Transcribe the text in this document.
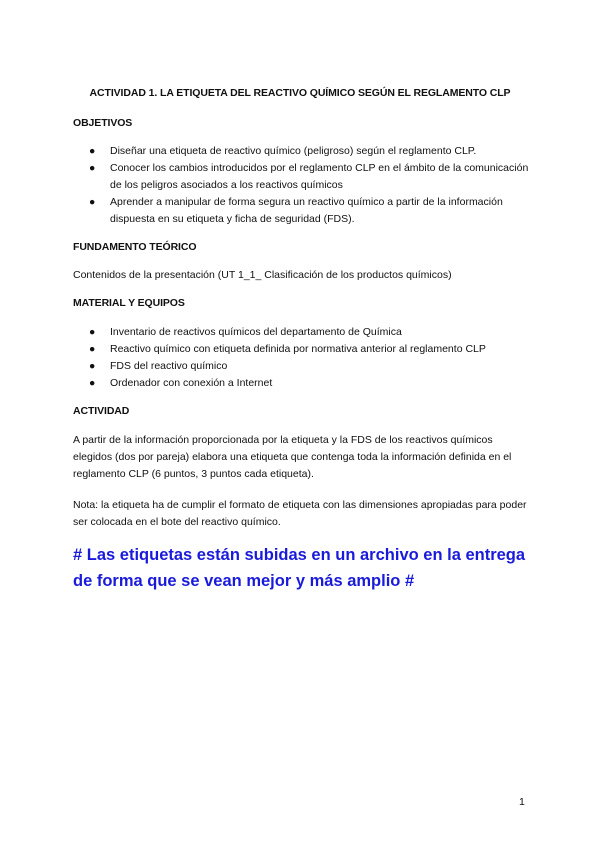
ACTIVIDAD 1. LA ETIQUETA DEL REACTIVO QUÍMICO SEGÚN EL REGLAMENTO CLP
OBJETIVOS
● Diseñar una etiqueta de reactivo químico (peligroso) según el reglamento CLP.
● Conocer los cambios introducidos por el reglamento CLP en el ámbito de la comunicación de los peligros asociados a los reactivos químicos
● Aprender a manipular de forma segura un reactivo químico a partir de la información dispuesta en su etiqueta y ficha de seguridad (FDS).
FUNDAMENTO TEÓRICO
Contenidos de la presentación (UT 1_1_ Clasificación de los productos químicos)
MATERIAL Y EQUIPOS
● Inventario de reactivos químicos del departamento de Química
● Reactivo químico con etiqueta definida por normativa anterior al reglamento CLP
● FDS del reactivo químico
● Ordenador con conexión a Internet
ACTIVIDAD
A partir de la información proporcionada por la etiqueta y la FDS de los reactivos químicos elegidos (dos por pareja) elabora una etiqueta que contenga toda la información definida en el reglamento CLP (6 puntos, 3 puntos cada etiqueta).
Nota: la etiqueta ha de cumplir el formato de etiqueta con las dimensiones apropiadas para poder ser colocada en el bote del reactivo químico.
# Las etiquetas están subidas en un archivo en la entrega de forma que se vean mejor y más amplio #
1
